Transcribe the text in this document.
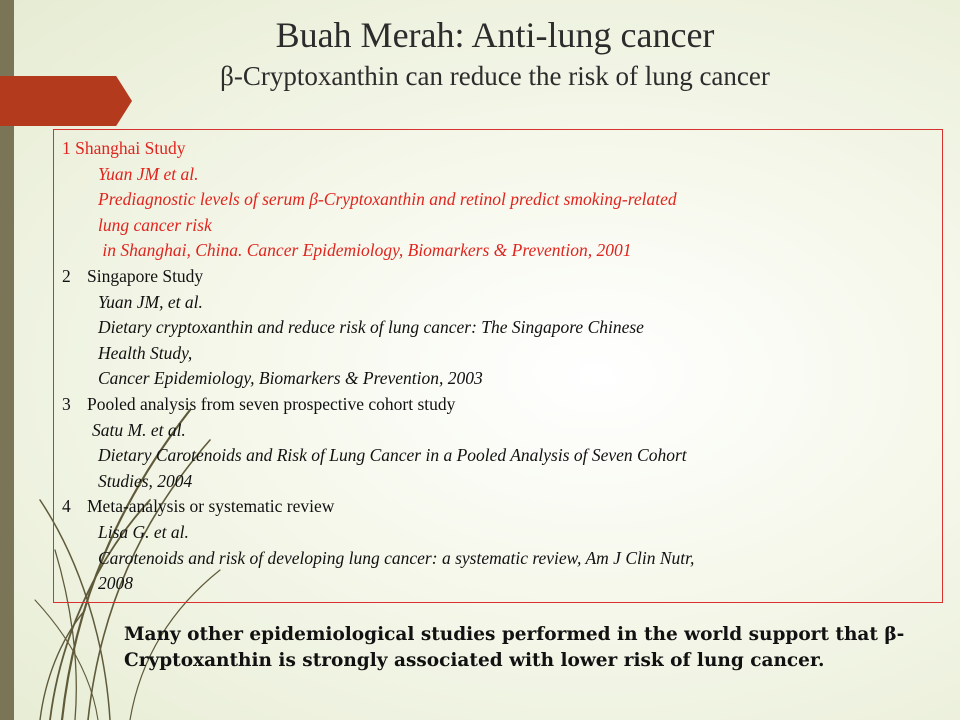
Buah Merah: Anti-lung cancer
β-Cryptoxanthin can reduce the risk of lung cancer
1 Shanghai Study
Yuan JM et al.
Prediagnostic levels of serum β-Cryptoxanthin and retinol predict smoking-related
lung cancer risk
in Shanghai, China. Cancer Epidemiology, Biomarkers & Prevention, 2001
2 Singapore Study
Yuan JM, et al.
Dietary cryptoxanthin and reduce risk of lung cancer: The Singapore Chinese
Health Study,
Cancer Epidemiology, Biomarkers & Prevention, 2003
3 Pooled analysis from seven prospective cohort study
Satu M. et al.
Dietary Carotenoids and Risk of Lung Cancer in a Pooled Analysis of Seven Cohort
Studies, 2004
4 Meta-analysis or systematic review
Lisa G. et al.
Carotenoids and risk of developing lung cancer: a systematic review, Am J Clin Nutr,
2008
Many other epidemiological studies performed in the world support that β-Cryptoxanthin is strongly associated with lower risk of lung cancer.
